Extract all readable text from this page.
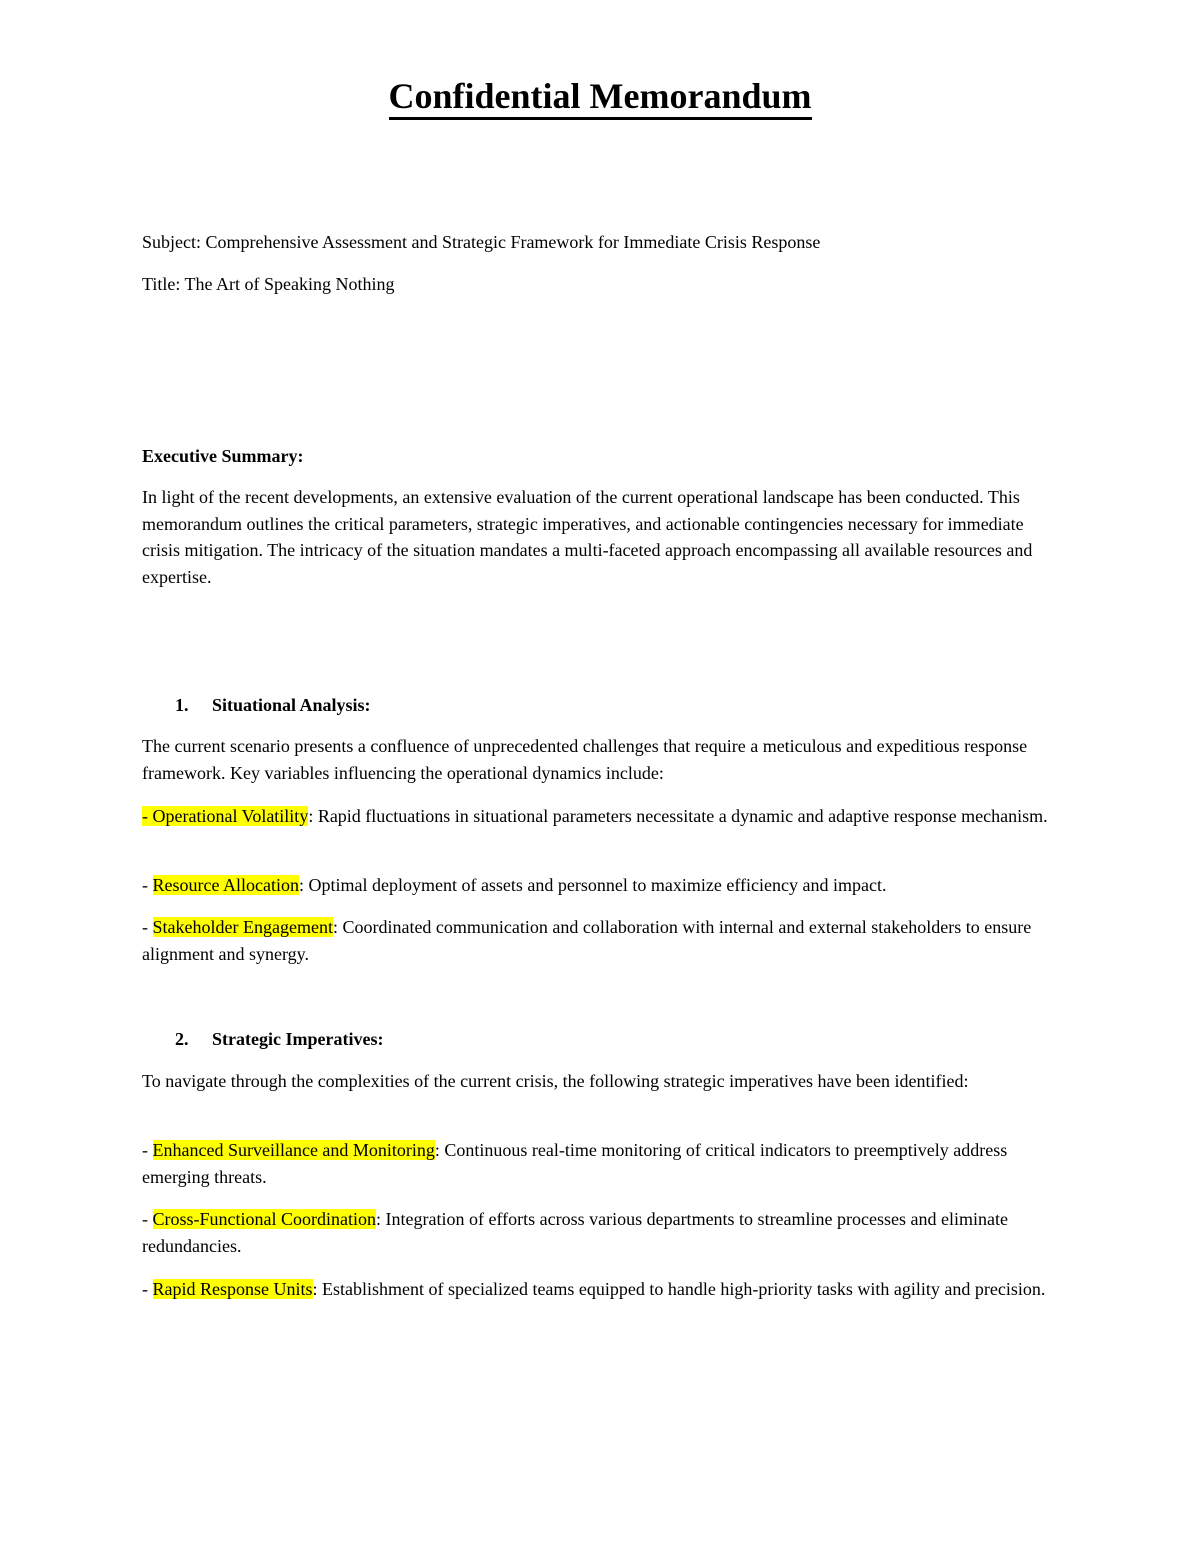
Confidential Memorandum
Subject: Comprehensive Assessment and Strategic Framework for Immediate Crisis Response
Title: The Art of Speaking Nothing
Executive Summary:
In light of the recent developments, an extensive evaluation of the current operational landscape has been conducted. This memorandum outlines the critical parameters, strategic imperatives, and actionable contingencies necessary for immediate crisis mitigation. The intricacy of the situation mandates a multi-faceted approach encompassing all available resources and expertise.
1. Situational Analysis:
The current scenario presents a confluence of unprecedented challenges that require a meticulous and expeditious response framework. Key variables influencing the operational dynamics include:
- Operational Volatility: Rapid fluctuations in situational parameters necessitate a dynamic and adaptive response mechanism.
- Resource Allocation: Optimal deployment of assets and personnel to maximize efficiency and impact.
- Stakeholder Engagement: Coordinated communication and collaboration with internal and external stakeholders to ensure alignment and synergy.
2. Strategic Imperatives:
To navigate through the complexities of the current crisis, the following strategic imperatives have been identified:
- Enhanced Surveillance and Monitoring: Continuous real-time monitoring of critical indicators to preemptively address emerging threats.
- Cross-Functional Coordination: Integration of efforts across various departments to streamline processes and eliminate redundancies.
- Rapid Response Units: Establishment of specialized teams equipped to handle high-priority tasks with agility and precision.
